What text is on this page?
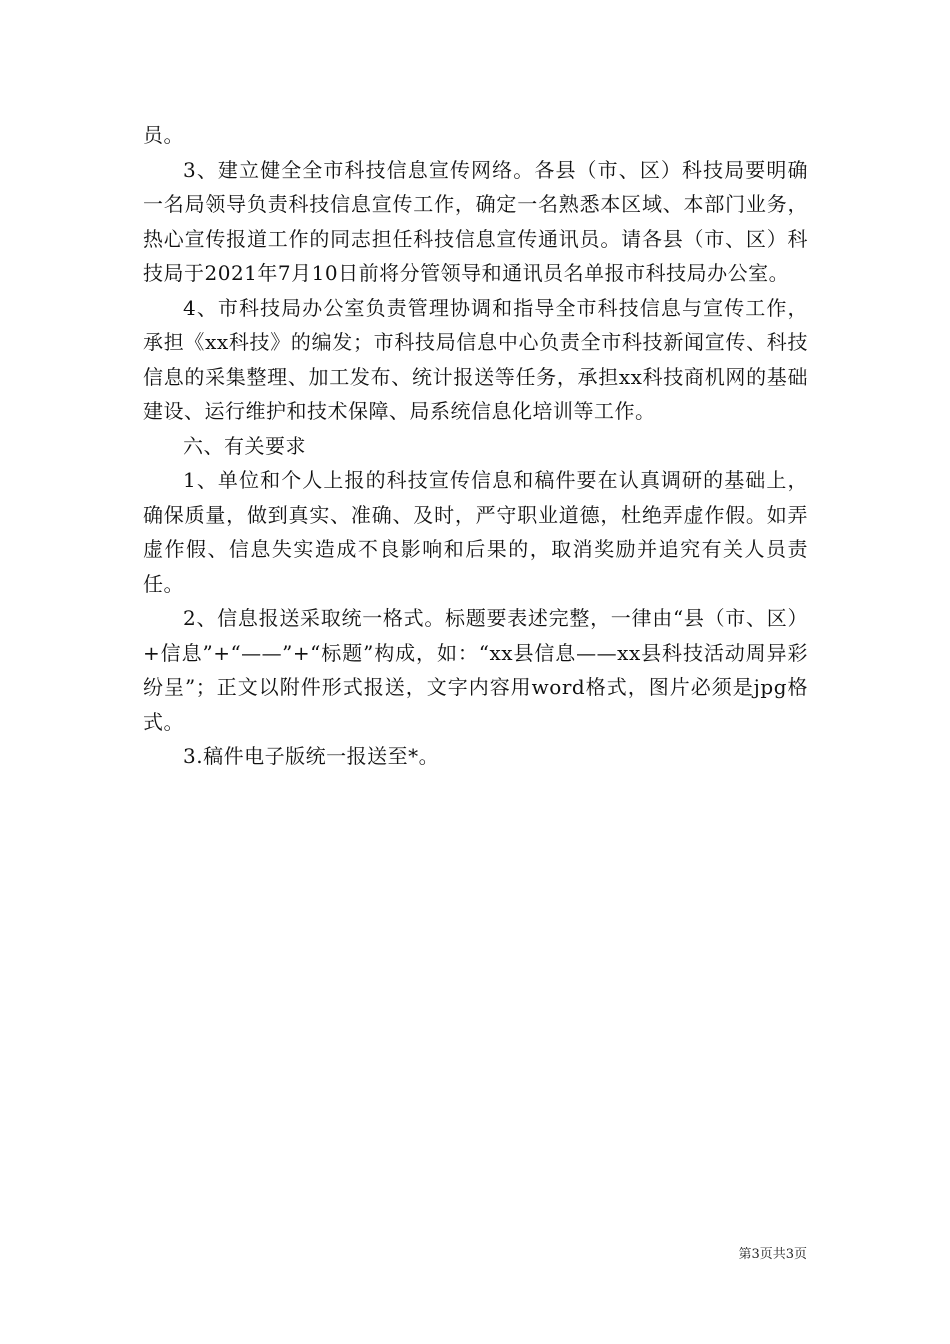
员。

3、建立健全全市科技信息宣传网络。各县（市、区）科技局要明确一名局领导负责科技信息宣传工作，确定一名熟悉本区域、本部门业务，热心宣传报道工作的同志担任科技信息宣传通讯员。请各县（市、区）科技局于2021年7月10日前将分管领导和通讯员名单报市科技局办公室。

4、市科技局办公室负责管理协调和指导全市科技信息与宣传工作，承担《xx科技》的编发；市科技局信息中心负责全市科技新闻宣传、科技信息的采集整理、加工发布、统计报送等任务，承担xx科技商机网的基础建设、运行维护和技术保障、局系统信息化培训等工作。

六、有关要求

1、单位和个人上报的科技宣传信息和稿件要在认真调研的基础上，确保质量，做到真实、准确、及时，严守职业道德，杜绝弄虚作假。如弄虚作假、信息失实造成不良影响和后果的，取消奖励并追究有关人员责任。

2、信息报送采取统一格式。标题要表述完整，一律由“县（市、区）+信息”+“——”+“标题”构成，如：“xx县信息——xx县科技活动周异彩纷呈”；正文以附件形式报送，文字内容用word格式，图片必须是jpg格式。

3.稿件电子版统一报送至*。

第3页共3页
